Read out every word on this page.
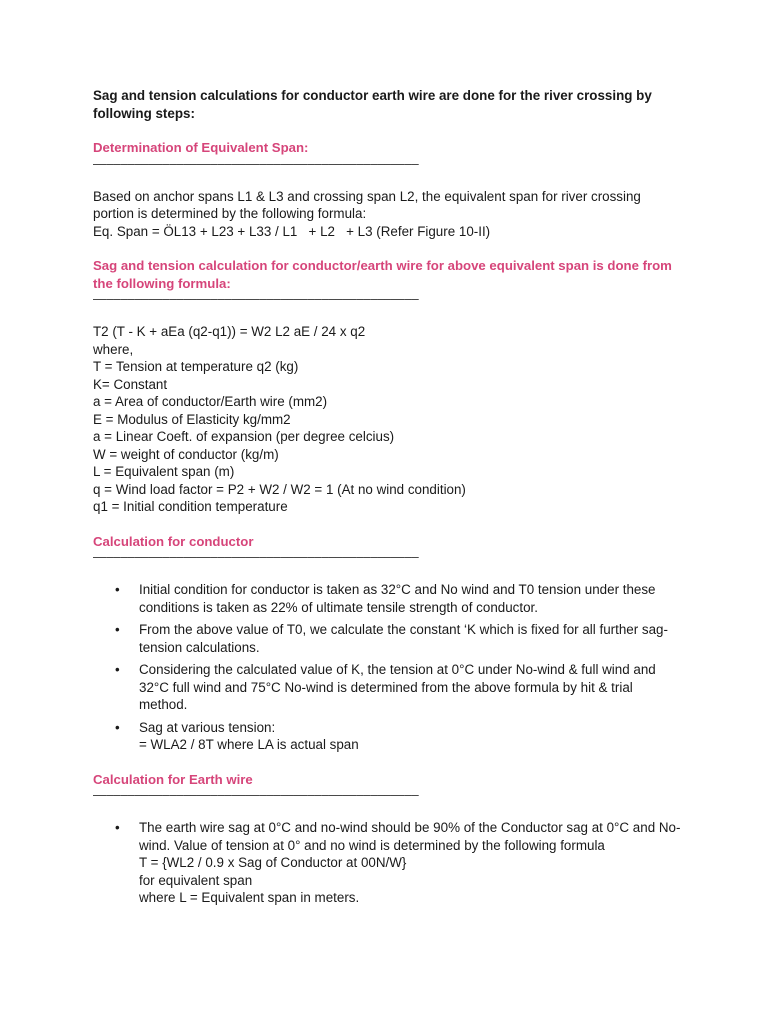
Sag and tension calculations for conductor earth wire are done for the river crossing by following steps:

Determination of Equivalent Span:

———————————————————————————————————————————————

Based on anchor spans L1 & L3 and crossing span L2, the equivalent span for river crossing portion is determined by the following formula:

Eq. Span = ÖL13 + L23 + L33 / L1   + L2   + L3 (Refer Figure 10-II)

Sag and tension calculation for conductor/earth wire for above equivalent span is done from the following formula:

———————————————————————————————————————————————

T2 (T - K + aEa (q2-q1)) = W2 L2 aE / 24 x q2

where,

T = Tension at temperature q2 (kg)

K= Constant

a = Area of conductor/Earth wire (mm2)

E = Modulus of Elasticity kg/mm2

a = Linear Coeft. of expansion (per degree celcius)

W = weight of conductor (kg/m)

L = Equivalent span (m)

q = Wind load factor = P2 + W2 / W2 = 1 (At no wind condition)

q1 = Initial condition temperature

Calculation for conductor

———————————————————————————————————————————————
• Initial condition for conductor is taken as 32°C and No wind and T0 tension under these conditions is taken as 22% of ultimate tensile strength of conductor.
• From the above value of T0, we calculate the constant ‘K which is fixed for all further sag-tension calculations.
• Considering the calculated value of K, the tension at 0°C under No-wind & full wind and 32°C full wind and 75°C No-wind is determined from the above formula by hit & trial method.
• Sag at various tension:
= WLA2 / 8T where LA is actual span

Calculation for Earth wire

———————————————————————————————————————————————
• The earth wire sag at 0°C and no-wind should be 90% of the Conductor sag at 0°C and No-wind. Value of tension at 0° and no wind is determined by the following formula
T = {WL2 / 0.9 x Sag of Conductor at 00N/W}
for equivalent span
where L = Equivalent span in meters.
